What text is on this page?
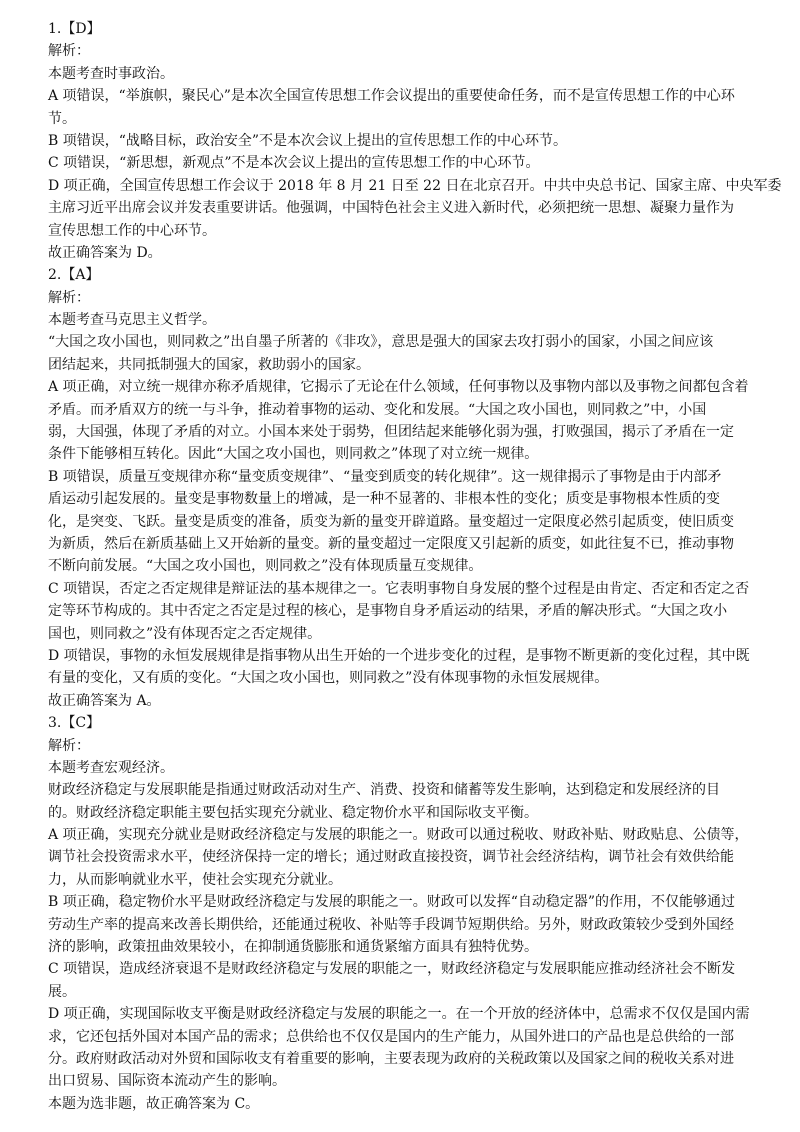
1.【D】
解析：
本题考查时事政治。
A 项错误，“举旗帜，聚民心”是本次全国宣传思想工作会议提出的重要使命任务，而不是宣传思想工作的中心环
节。
B 项错误，“战略目标，政治安全”不是本次会议上提出的宣传思想工作的中心环节。
C 项错误，“新思想，新观点”不是本次会议上提出的宣传思想工作的中心环节。
D 项正确，全国宣传思想工作会议于 2018 年 8 月 21 日至 22 日在北京召开。中共中央总书记、国家主席、中央军委
主席习近平出席会议并发表重要讲话。他强调，中国特色社会主义进入新时代，必须把统一思想、凝聚力量作为
宣传思想工作的中心环节。
故正确答案为 D。
2.【A】
解析：
本题考查马克思主义哲学。
“大国之攻小国也，则同救之”出自墨子所著的《非攻》，意思是强大的国家去攻打弱小的国家，小国之间应该
团结起来，共同抵制强大的国家，救助弱小的国家。
A 项正确，对立统一规律亦称矛盾规律，它揭示了无论在什么领域，任何事物以及事物内部以及事物之间都包含着
矛盾。而矛盾双方的统一与斗争，推动着事物的运动、变化和发展。“大国之攻小国也，则同救之”中，小国
弱，大国强，体现了矛盾的对立。小国本来处于弱势，但团结起来能够化弱为强，打败强国，揭示了矛盾在一定
条件下能够相互转化。因此“大国之攻小国也，则同救之”体现了对立统一规律。
B 项错误，质量互变规律亦称“量变质变规律”、“量变到质变的转化规律”。这一规律揭示了事物是由于内部矛
盾运动引起发展的。量变是事物数量上的增减，是一种不显著的、非根本性的变化；质变是事物根本性质的变
化，是突变、飞跃。量变是质变的准备，质变为新的量变开辟道路。量变超过一定限度必然引起质变，使旧质变
为新质，然后在新质基础上又开始新的量变。新的量变超过一定限度又引起新的质变，如此往复不已，推动事物
不断向前发展。“大国之攻小国也，则同救之”没有体现质量互变规律。
C 项错误，否定之否定规律是辩证法的基本规律之一。它表明事物自身发展的整个过程是由肯定、否定和否定之否
定等环节构成的。其中否定之否定是过程的核心，是事物自身矛盾运动的结果，矛盾的解决形式。“大国之攻小
国也，则同救之”没有体现否定之否定规律。
D 项错误，事物的永恒发展规律是指事物从出生开始的一个进步变化的过程，是事物不断更新的变化过程，其中既
有量的变化，又有质的变化。“大国之攻小国也，则同救之”没有体现事物的永恒发展规律。
故正确答案为 A。
3.【C】
解析：
本题考查宏观经济。
财政经济稳定与发展职能是指通过财政活动对生产、消费、投资和储蓄等发生影响，达到稳定和发展经济的目
的。财政经济稳定职能主要包括实现充分就业、稳定物价水平和国际收支平衡。
A 项正确，实现充分就业是财政经济稳定与发展的职能之一。财政可以通过税收、财政补贴、财政贴息、公债等，
调节社会投资需求水平，使经济保持一定的增长；通过财政直接投资，调节社会经济结构，调节社会有效供给能
力，从而影响就业水平，使社会实现充分就业。
B 项正确，稳定物价水平是财政经济稳定与发展的职能之一。财政可以发挥“自动稳定器”的作用，不仅能够通过
劳动生产率的提高来改善长期供给，还能通过税收、补贴等手段调节短期供给。另外，财政政策较少受到外国经
济的影响，政策扭曲效果较小，在抑制通货膨胀和通货紧缩方面具有独特优势。
C 项错误，造成经济衰退不是财政经济稳定与发展的职能之一，财政经济稳定与发展职能应推动经济社会不断发
展。
D 项正确，实现国际收支平衡是财政经济稳定与发展的职能之一。在一个开放的经济体中，总需求不仅仅是国内需
求，它还包括外国对本国产品的需求；总供给也不仅仅是国内的生产能力，从国外进口的产品也是总供给的一部
分。政府财政活动对外贸和国际收支有着重要的影响，主要表现为政府的关税政策以及国家之间的税收关系对进
出口贸易、国际资本流动产生的影响。
本题为选非题，故正确答案为 C。
